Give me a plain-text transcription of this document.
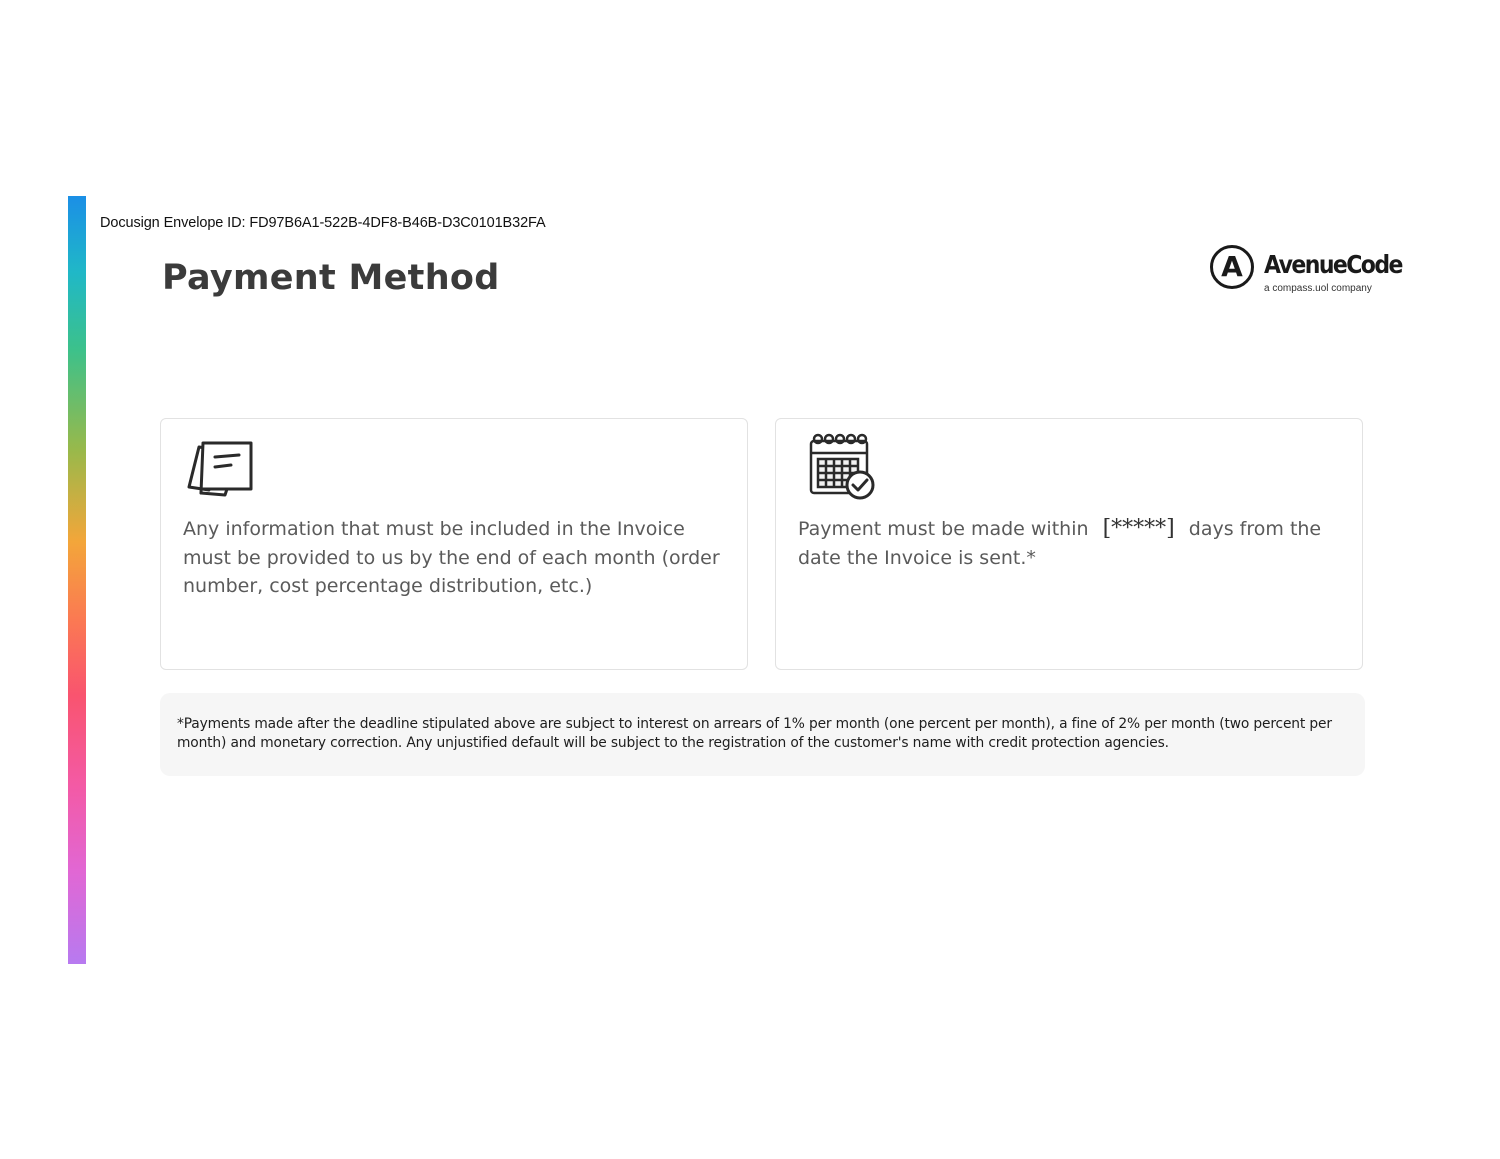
Docusign Envelope ID: FD97B6A1-522B-4DF8-B46B-D3C0101B32FA
Payment Method	A AvenueCode
a compass.uol company

Any information that must be included in the Invoice must be provided to us by the end of each month (order number, cost percentage distribution, etc.)

Payment must be made within [*****] days from the date the Invoice is sent.*

*Payments made after the deadline stipulated above are subject to interest on arrears of 1% per month (one percent per month), a fine of 2% per month (two percent per month) and monetary correction. Any unjustified default will be subject to the registration of the customer's name with credit protection agencies.
